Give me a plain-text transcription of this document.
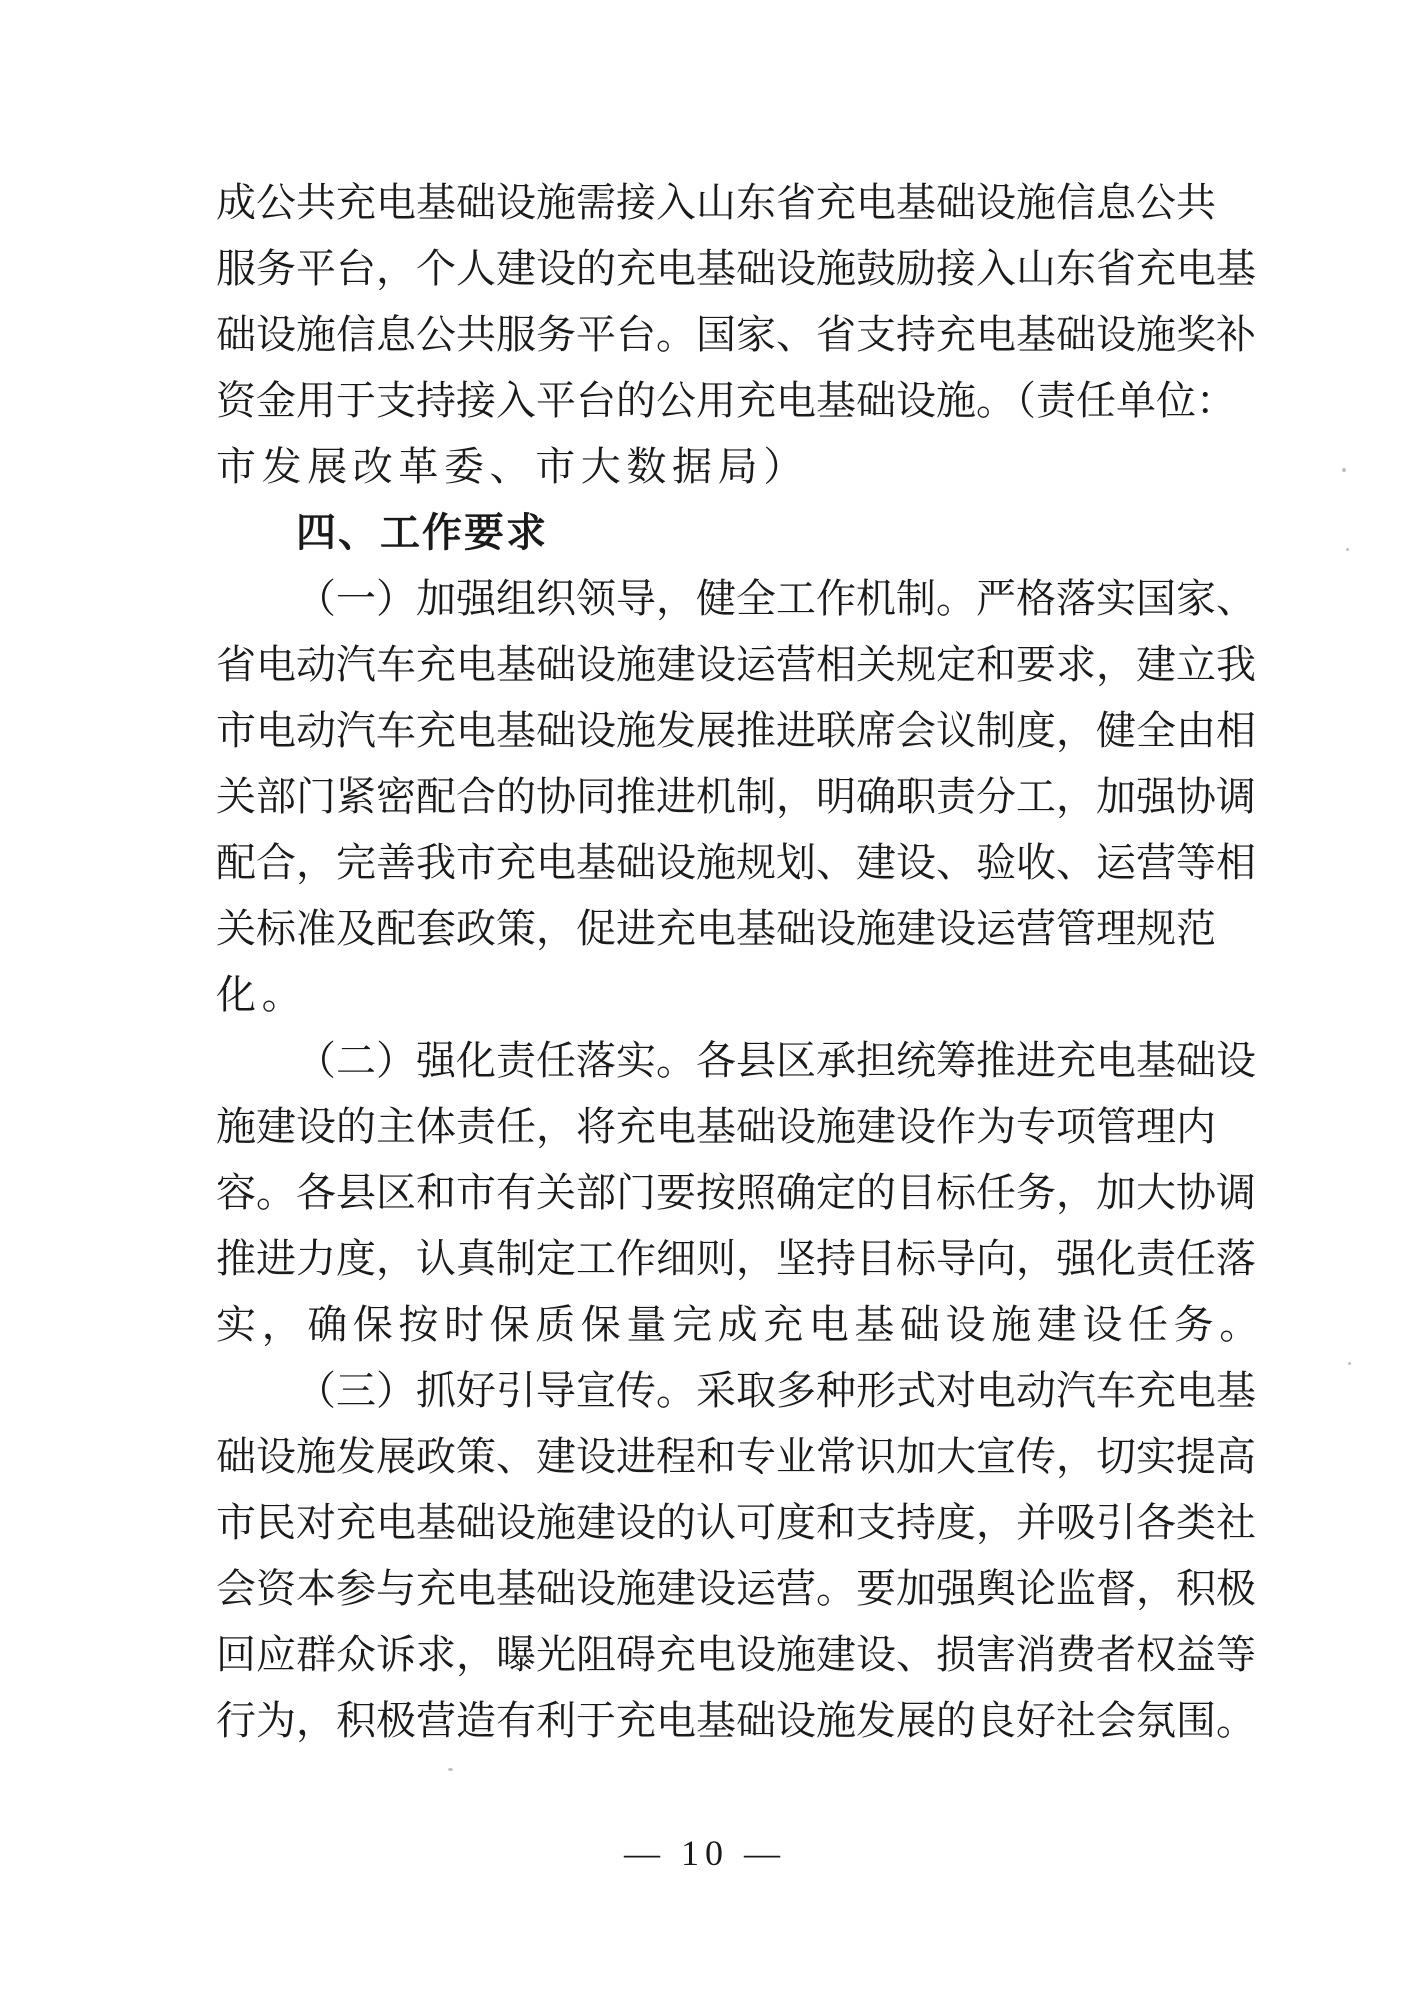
成公共充电基础设施需接入山东省充电基础设施信息公共
服务平台，个人建设的充电基础设施鼓励接入山东省充电基
础设施信息公共服务平台。国家、省支持充电基础设施奖补
资金用于支持接入平台的公用充电基础设施。（责任单位：
市发展改革委、市大数据局）
四、工作要求
（一）加强组织领导，健全工作机制。严格落实国家、
省电动汽车充电基础设施建设运营相关规定和要求，建立我
市电动汽车充电基础设施发展推进联席会议制度，健全由相
关部门紧密配合的协同推进机制，明确职责分工，加强协调
配合，完善我市充电基础设施规划、建设、验收、运营等相
关标准及配套政策，促进充电基础设施建设运营管理规范
化。
（二）强化责任落实。各县区承担统筹推进充电基础设
施建设的主体责任，将充电基础设施建设作为专项管理内
容。各县区和市有关部门要按照确定的目标任务，加大协调
推进力度，认真制定工作细则，坚持目标导向，强化责任落
实，确保按时保质保量完成充电基础设施建设任务。
（三）抓好引导宣传。采取多种形式对电动汽车充电基
础设施发展政策、建设进程和专业常识加大宣传，切实提高
市民对充电基础设施建设的认可度和支持度，并吸引各类社
会资本参与充电基础设施建设运营。要加强舆论监督，积极
回应群众诉求，曝光阻碍充电设施建设、损害消费者权益等
行为，积极营造有利于充电基础设施发展的良好社会氛围。
— 10 —
